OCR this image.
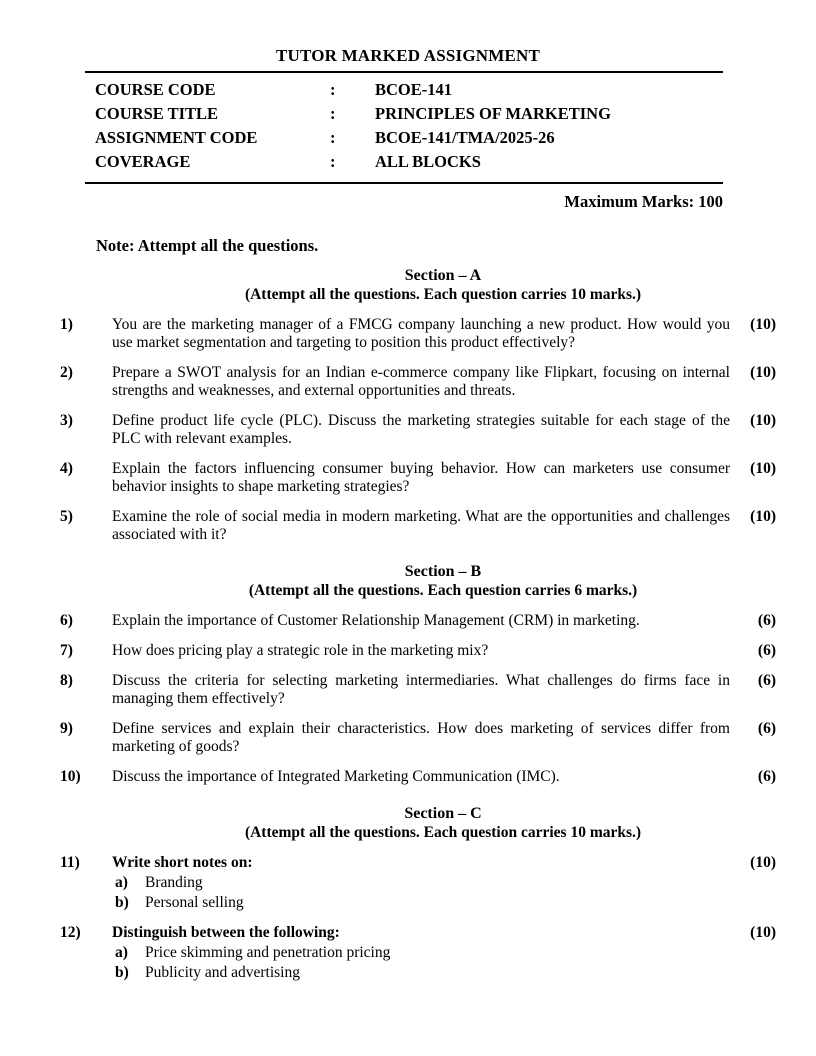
TUTOR MARKED ASSIGNMENT
COURSE CODE	:	BCOE-141
COURSE TITLE	:	PRINCIPLES OF MARKETING
ASSIGNMENT CODE	:	BCOE-141/TMA/2025-26
COVERAGE	:	ALL BLOCKS
Maximum Marks: 100
Note: Attempt all the questions.
Section – A
(Attempt all the questions. Each question carries 10 marks.)
1)	You are the marketing manager of a FMCG company launching a new product. How would you use market segmentation and targeting to position this product effectively?
(10)
2)	Prepare a SWOT analysis for an Indian e-commerce company like Flipkart, focusing on internal strengths and weaknesses, and external opportunities and threats.
(10)
3)	Define product life cycle (PLC). Discuss the marketing strategies suitable for each stage of the PLC with relevant examples.
(10)
4)	Explain the factors influencing consumer buying behavior. How can marketers use consumer behavior insights to shape marketing strategies?
(10)
5)	Examine the role of social media in modern marketing. What are the opportunities and challenges associated with it?
(10)
Section – B
(Attempt all the questions. Each question carries 6 marks.)
6)	Explain the importance of Customer Relationship Management (CRM) in marketing.	(6)
7)	How does pricing play a strategic role in the marketing mix?	(6)
8)	Discuss the criteria for selecting marketing intermediaries. What challenges do firms face in managing them effectively?
(6)
9)	Define services and explain their characteristics. How does marketing of services differ from marketing of goods?
(6)
10)	Discuss the importance of Integrated Marketing Communication (IMC).	(6)
Section – C
(Attempt all the questions. Each question carries 10 marks.)
11)	Write short notes on:
a)	Branding
b)	Personal selling
(10)
12)	Distinguish between the following:
a)	Price skimming and penetration pricing
b)	Publicity and advertising
(10)
